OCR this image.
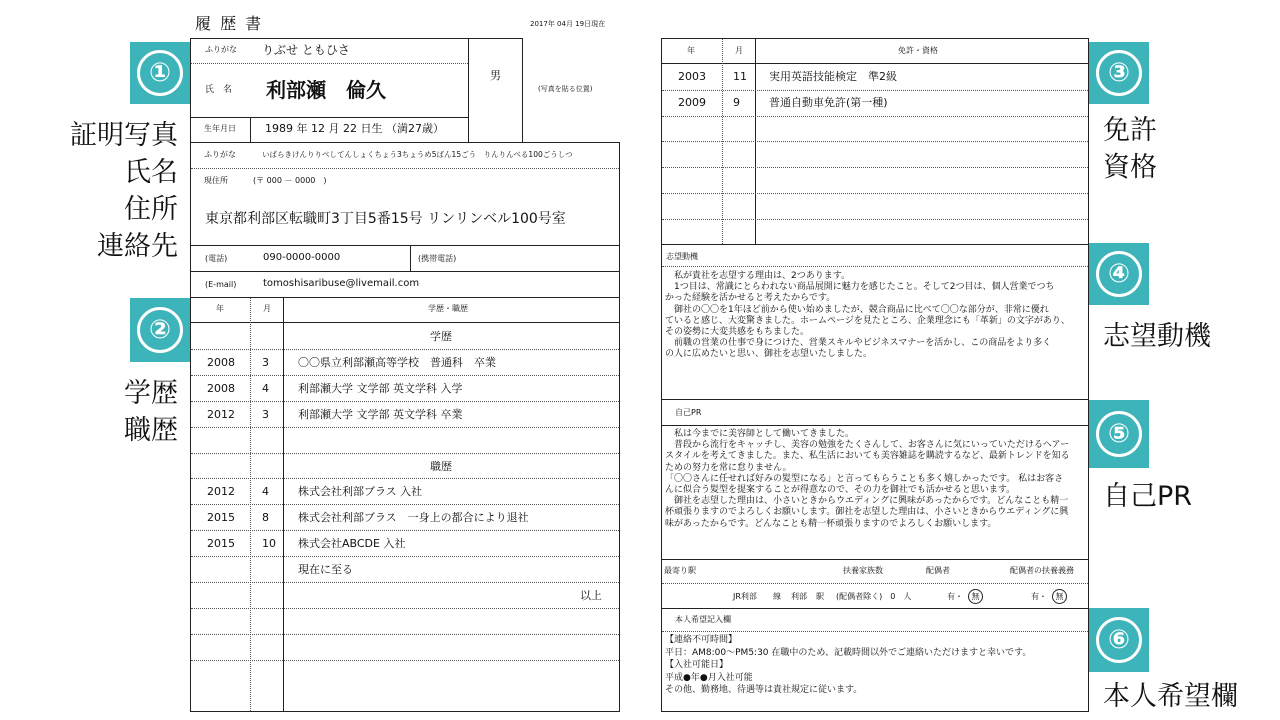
履 歴 書	2017年 04月 19日現在
ふりがな りぶせ ともひさ
氏　名 利部瀬　倫久
男
(写真を貼る位置)
生年月日	1989 年 12 月 22 日生 （満27歳）
ふりがな	いばらきけんりりべしてんしょくちょう3ちょうめ5ばん15ごう　りんりんべる100ごうしつ
現住所	(〒 000 － 0000　)
東京都利部区転職町3丁目5番15号 リンリンベル100号室
(電話)	090-0000-0000	(携帯電話)
(E-mail)	tomoshisaribuse@livemail.com
年	月	学歴・職歴
学歴
2008 3	〇〇県立利部瀬高等学校　普通科　卒業
2008 4	利部瀬大学 文学部 英文学科 入学
2012 3	利部瀬大学 文学部 英文学科 卒業
職歴
2012 4	株式会社利部ブラス 入社
2015 8	株式会社利部ブラス　一身上の都合により退社
2015 10 株式会社ABCDE 入社
現在に至る
以上
年	月	免許・資格
2003 11 実用英語技能検定　準2級
2009 9	普通自動車免許(第一種)
志望動機
　私が貴社を志望する理由は、2つあります。
　1つ目は、常識にとらわれない商品展開に魅力を感じたこと。そして2つ目は、個人営業でつち
かった経験を活かせると考えたからです。
　御社の〇〇を1年ほど前から使い始めましたが、競合商品に比べて〇〇な部分が、非常に優れ
ていると感じ、大変驚きました。ホームページを見たところ、企業理念にも「革新」の文字があり、
その姿勢に大変共感をもちました。
　前職の営業の仕事で身につけた、営業スキルやビジネスマナーを活かし、この商品をより多く
の人に広めたいと思い、御社を志望いたしました。
自己PR
　私は今までに美容師として働いてきました。
　普段から流行をキャッチし、美容の勉強をたくさんして、お客さんに気にいっていただけるヘアー
スタイルを考えてきました。また、私生活においても美容雑誌を購読するなど、最新トレンドを知る
ための努力を常に怠りません。
「〇〇さんに任せれば好みの髪型になる」と言ってもらうことも多く嬉しかったです。 私はお客さ
んに似合う髪型を提案することが得意なので、その力を御社でも活かせると思います。
　御社を志望した理由は、小さいときからウエディングに興味があったからです。どんなことも精一
杯頑張りますのでよろしくお願いします。御社を志望した理由は、小さいときからウエディングに興
味があったからです。どんなことも精一杯頑張りますのでよろしくお願いします。
最寄り駅	扶養家族数	配偶者	配偶者の扶養義務
JR利部 線 利部 駅 (配偶者除く)　0　人	有・	無	有・	無
本人希望記入欄
【連絡不可時間】
平日：AM8:00～PM5:30 在職中のため、記載時間以外でご連絡いただけますと幸いです。
【入社可能日】
平成●年●月入社可能
その他、勤務地、待遇等は貴社規定に従います。
①
②
③
④
⑤
⑥
証明写真
氏名
住所
連絡先
学歴
職歴
免許
資格
志望動機
自己PR
本人希望欄
